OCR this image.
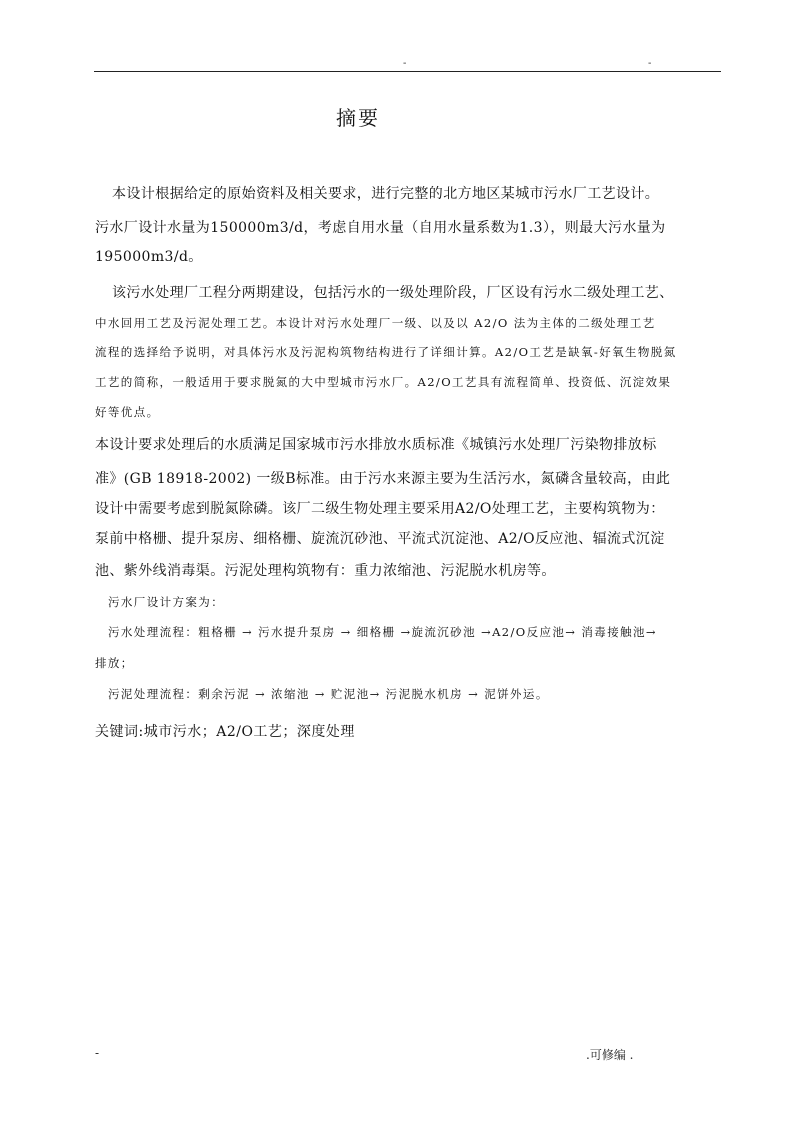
-	-
摘要
本设计根据给定的原始资料及相关要求，进行完整的北方地区某城市污水厂工艺设计。
污水厂设计水量为150000m3/d，考虑自用水量（自用水量系数为1.3），则最大污水量为
195000m3/d。
该污水处理厂工程分两期建设，包括污水的一级处理阶段，厂区设有污水二级处理工艺、
中水回用工艺及污泥处理工艺。本设计对污水处理厂一级、以及以 A2/O 法为主体的二级处理工艺
流程的选择给予说明，对具体污水及污泥构筑物结构进行了详细计算。A2/O工艺是缺氧-好氧生物脱氮
工艺的简称，一般适用于要求脱氮的大中型城市污水厂。A2/O工艺具有流程简单、投资低、沉淀效果
好等优点。
本设计要求处理后的水质满足国家城市污水排放水质标准《城镇污水处理厂污染物排放标
准》(GB 18918-2002) 一级B标准。由于污水来源主要为生活污水，氮磷含量较高，由此
设计中需要考虑到脱氮除磷。该厂二级生物处理主要采用A2/O处理工艺，主要构筑物为：
泵前中格栅、提升泵房、细格栅、旋流沉砂池、平流式沉淀池、A2/O反应池、辐流式沉淀
池、紫外线消毒渠。污泥处理构筑物有：重力浓缩池、污泥脱水机房等。
污水厂设计方案为：
污水处理流程：粗格栅 → 污水提升泵房 → 细格栅 →旋流沉砂池 →A2/O反应池→ 消毒接触池→
排放；
污泥处理流程：剩余污泥 → 浓缩池 → 贮泥池→ 污泥脱水机房 → 泥饼外运。
关键词:城市污水；A2/O工艺；深度处理
-	.可修编 .
